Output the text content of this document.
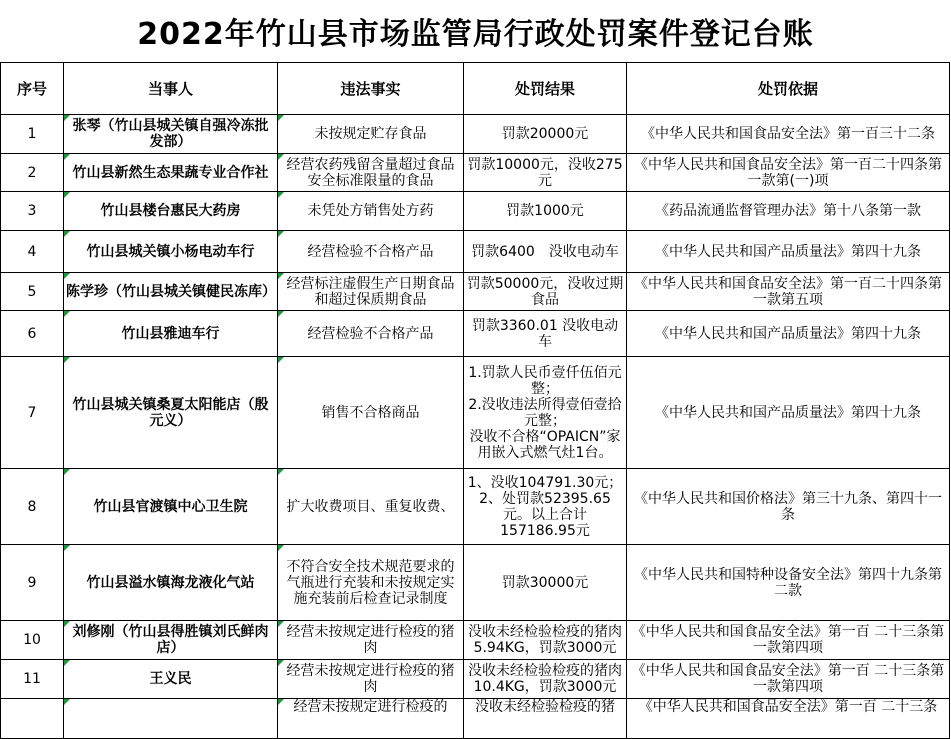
2022年竹山县市场监管局行政处罚案件登记台账
序号	当事人	违法事实	处罚结果	处罚依据
1	张琴（竹山县城关镇自强冷冻批发部）	未按规定贮存食品	罚款20000元	《中华人民共和国食品安全法》第一百三十二条
2	竹山县新然生态果蔬专业合作社	经营农药残留含量超过食品安全标准限量的食品	罚款10000元，没收275元	《中华人民共和国食品安全法》第一百二十四条第一款第(一)项
3	竹山县楼台惠民大药房	未凭处方销售处方药	罚款1000元	《药品流通监督管理办法》第十八条第一款
4	竹山县城关镇小杨电动车行	经营检验不合格产品	罚款6400　没收电动车	《中华人民共和国产品质量法》第四十九条
5	陈学珍（竹山县城关镇健民冻库）	经营标注虚假生产日期食品和超过保质期食品	罚款50000元，没收过期食品	《中华人民共和国食品安全法》第一百二十四条第一款第五项
6	竹山县雅迪车行	经营检验不合格产品	罚款3360.01 没收电动车	《中华人民共和国产品质量法》第四十九条
7	竹山县城关镇桑夏太阳能店（殷元义）	销售不合格商品	1.罚款人民币壹仟伍佰元整；
2.没收违法所得壹佰壹拾元整；
没收不合格“OPAICN”家用嵌入式燃气灶1台。	《中华人民共和国产品质量法》第四十九条
8	竹山县官渡镇中心卫生院	扩大收费项目、重复收费、	1、没收104791.30元；2、处罚款52395.65元。以上合计157186.95元	《中华人民共和国价格法》第三十九条、第四十一条
9	竹山县溢水镇海龙液化气站	不符合安全技术规范要求的气瓶进行充装和未按规定实施充装前后检查记录制度	罚款30000元	《中华人民共和国特种设备安全法》第四十九条第二款
10	刘修刚（竹山县得胜镇刘氏鲜肉店）	经营未按规定进行检疫的猪肉	没收未经检验检疫的猪肉5.94KG，罚款3000元	《中华人民共和国食品安全法》第一百 二十三条第一款第四项
11	王义民	经营未按规定进行检疫的猪肉	没收未经检验检疫的猪肉10.4KG，罚款3000元	《中华人民共和国食品安全法》第一百 二十三条第一款第四项
		经营未按规定进行检疫的	没收未经检验检疫的猪	《中华人民共和国食品安全法》第一百 二十三条
